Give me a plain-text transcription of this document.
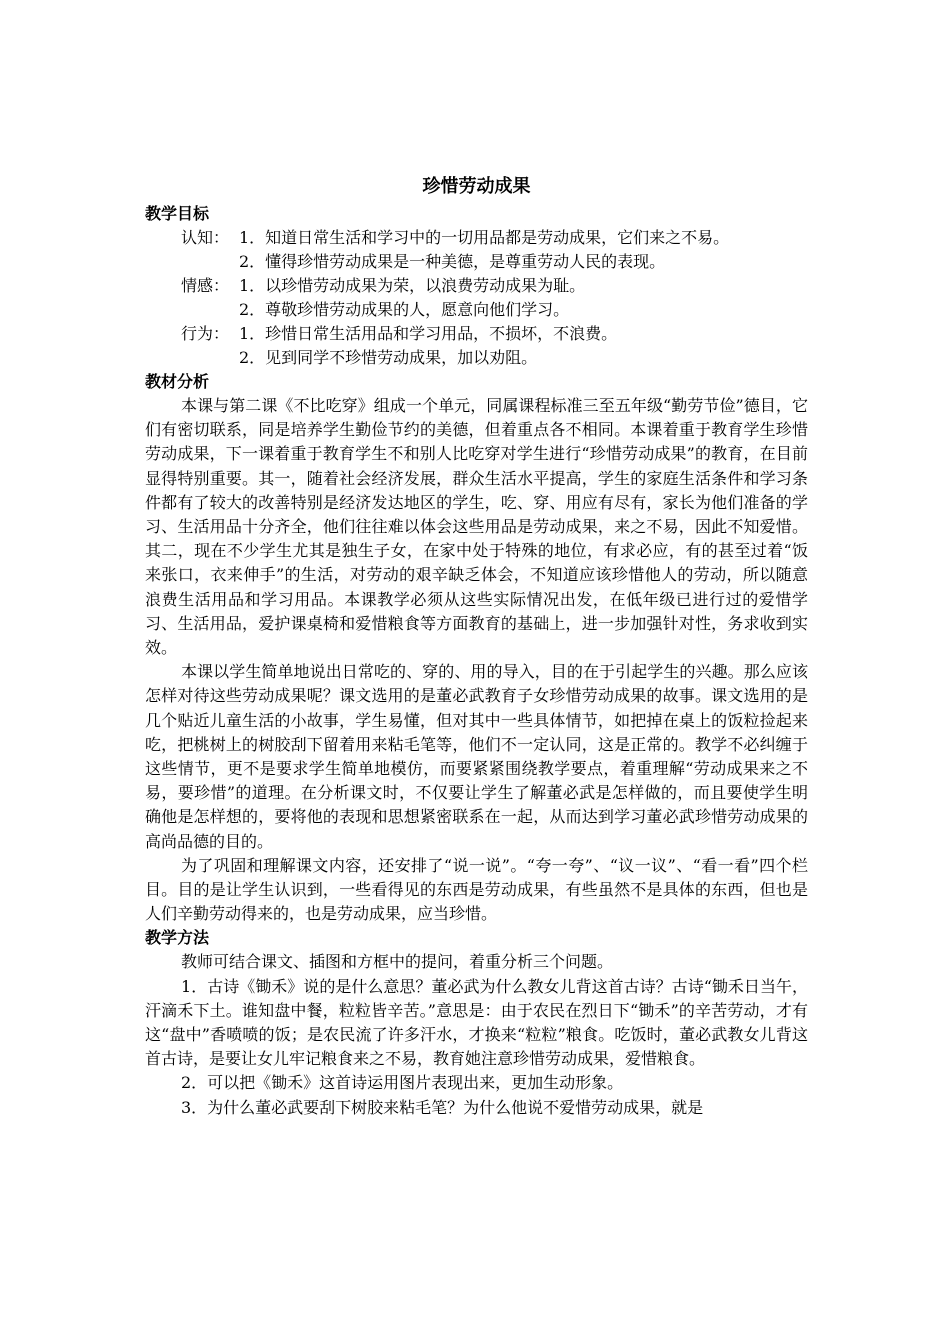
珍惜劳动成果
教学目标
认知： 1．知道日常生活和学习中的一切用品都是劳动成果，它们来之不易。
2．懂得珍惜劳动成果是一种美德，是尊重劳动人民的表现。
情感： 1．以珍惜劳动成果为荣，以浪费劳动成果为耻。
2．尊敬珍惜劳动成果的人，愿意向他们学习。
行为： 1．珍惜日常生活用品和学习用品，不损坏，不浪费。
2．见到同学不珍惜劳动成果，加以劝阻。
教材分析

本课与第二课《不比吃穿》组成一个单元，同属课程标准三至五年级“勤劳节俭”德目，它们有密切联系，同是培养学生勤俭节约的美德，但着重点各不相同。本课着重于教育学生珍惜劳动成果，下一课着重于教育学生不和别人比吃穿对学生进行“珍惜劳动成果”的教育，在目前显得特别重要。其一，随着社会经济发展，群众生活水平提高，学生的家庭生活条件和学习条件都有了较大的改善特别是经济发达地区的学生，吃、穿、用应有尽有，家长为他们准备的学习、生活用品十分齐全，他们往往难以体会这些用品是劳动成果，来之不易，因此不知爱惜。其二，现在不少学生尤其是独生子女，在家中处于特殊的地位，有求必应，有的甚至过着“饭来张口，衣来伸手”的生活，对劳动的艰辛缺乏体会，不知道应该珍惜他人的劳动，所以随意浪费生活用品和学习用品。本课教学必须从这些实际情况出发，在低年级已进行过的爱惜学习、生活用品，爱护课桌椅和爱惜粮食等方面教育的基础上，进一步加强针对性，务求收到实效。

本课以学生简单地说出日常吃的、穿的、用的导入，目的在于引起学生的兴趣。那么应该怎样对待这些劳动成果呢？课文选用的是董必武教育子女珍惜劳动成果的故事。课文选用的是几个贴近儿童生活的小故事，学生易懂，但对其中一些具体情节，如把掉在桌上的饭粒捡起来吃，把桃树上的树胶刮下留着用来粘毛笔等，他们不一定认同，这是正常的。教学不必纠缠于这些情节，更不是要求学生简单地模仿，而要紧紧围绕教学要点，着重理解“劳动成果来之不易，要珍惜”的道理。在分析课文时，不仅要让学生了解董必武是怎样做的，而且要使学生明确他是怎样想的，要将他的表现和思想紧密联系在一起，从而达到学习董必武珍惜劳动成果的高尚品德的目的。

为了巩固和理解课文内容，还安排了“说一说”。“夸一夸”、“议一议”、“看一看”四个栏目。目的是让学生认识到，一些看得见的东西是劳动成果，有些虽然不是具体的东西，但也是人们辛勤劳动得来的，也是劳动成果，应当珍惜。

教学方法

教师可结合课文、插图和方框中的提问，着重分析三个问题。

1．古诗《锄禾》说的是什么意思？董必武为什么教女儿背这首古诗？古诗“锄禾日当午，汗滴禾下土。谁知盘中餐，粒粒皆辛苦。”意思是：由于农民在烈日下“锄禾”的辛苦劳动，才有这“盘中”香喷喷的饭；是农民流了许多汗水，才换来“粒粒”粮食。吃饭时，董必武教女儿背这首古诗，是要让女儿牢记粮食来之不易，教育她注意珍惜劳动成果，爱惜粮食。

2．可以把《锄禾》这首诗运用图片表现出来，更加生动形象。

3．为什么董必武要刮下树胶来粘毛笔？为什么他说不爱惜劳动成果，就是
